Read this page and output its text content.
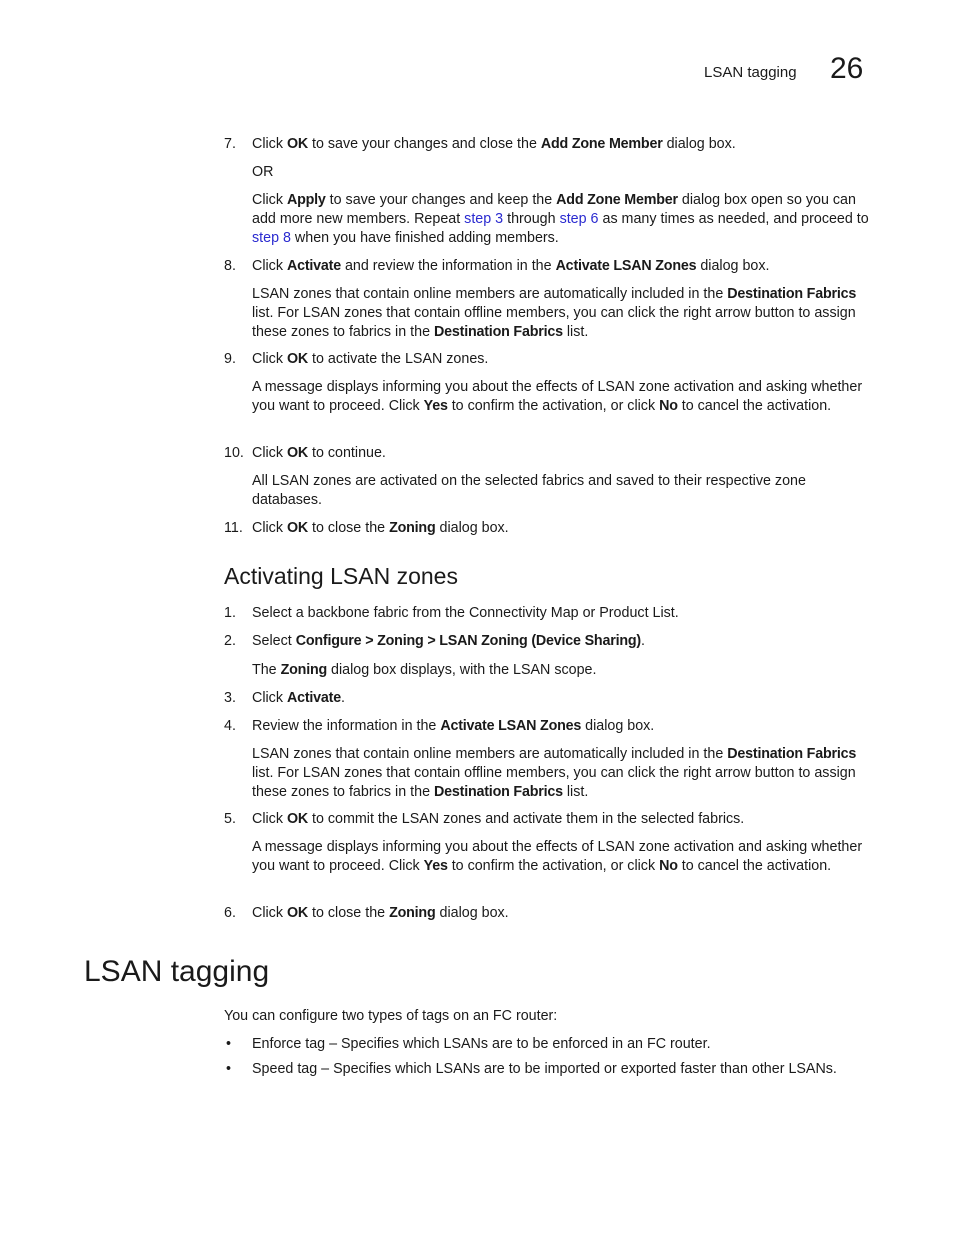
LSAN tagging 26
7. Click OK to save your changes and close the Add Zone Member dialog box.
OR
Click Apply to save your changes and keep the Add Zone Member dialog box open so you can add more new members. Repeat step 3 through step 6 as many times as needed, and proceed to step 8 when you have finished adding members.
8. Click Activate and review the information in the Activate LSAN Zones dialog box.
LSAN zones that contain online members are automatically included in the Destination Fabrics list. For LSAN zones that contain offline members, you can click the right arrow button to assign these zones to fabrics in the Destination Fabrics list.
9. Click OK to activate the LSAN zones.
A message displays informing you about the effects of LSAN zone activation and asking whether you want to proceed. Click Yes to confirm the activation, or click No to cancel the activation.
10. Click OK to continue.
All LSAN zones are activated on the selected fabrics and saved to their respective zone databases.
11. Click OK to close the Zoning dialog box.
Activating LSAN zones
1. Select a backbone fabric from the Connectivity Map or Product List.
2. Select Configure > Zoning > LSAN Zoning (Device Sharing).
The Zoning dialog box displays, with the LSAN scope.
3. Click Activate.
4. Review the information in the Activate LSAN Zones dialog box.
LSAN zones that contain online members are automatically included in the Destination Fabrics list. For LSAN zones that contain offline members, you can click the right arrow button to assign these zones to fabrics in the Destination Fabrics list.
5. Click OK to commit the LSAN zones and activate them in the selected fabrics.
A message displays informing you about the effects of LSAN zone activation and asking whether you want to proceed. Click Yes to confirm the activation, or click No to cancel the activation.
6. Click OK to close the Zoning dialog box.
LSAN tagging
You can configure two types of tags on an FC router:
• Enforce tag – Specifies which LSANs are to be enforced in an FC router.
• Speed tag – Specifies which LSANs are to be imported or exported faster than other LSANs.
